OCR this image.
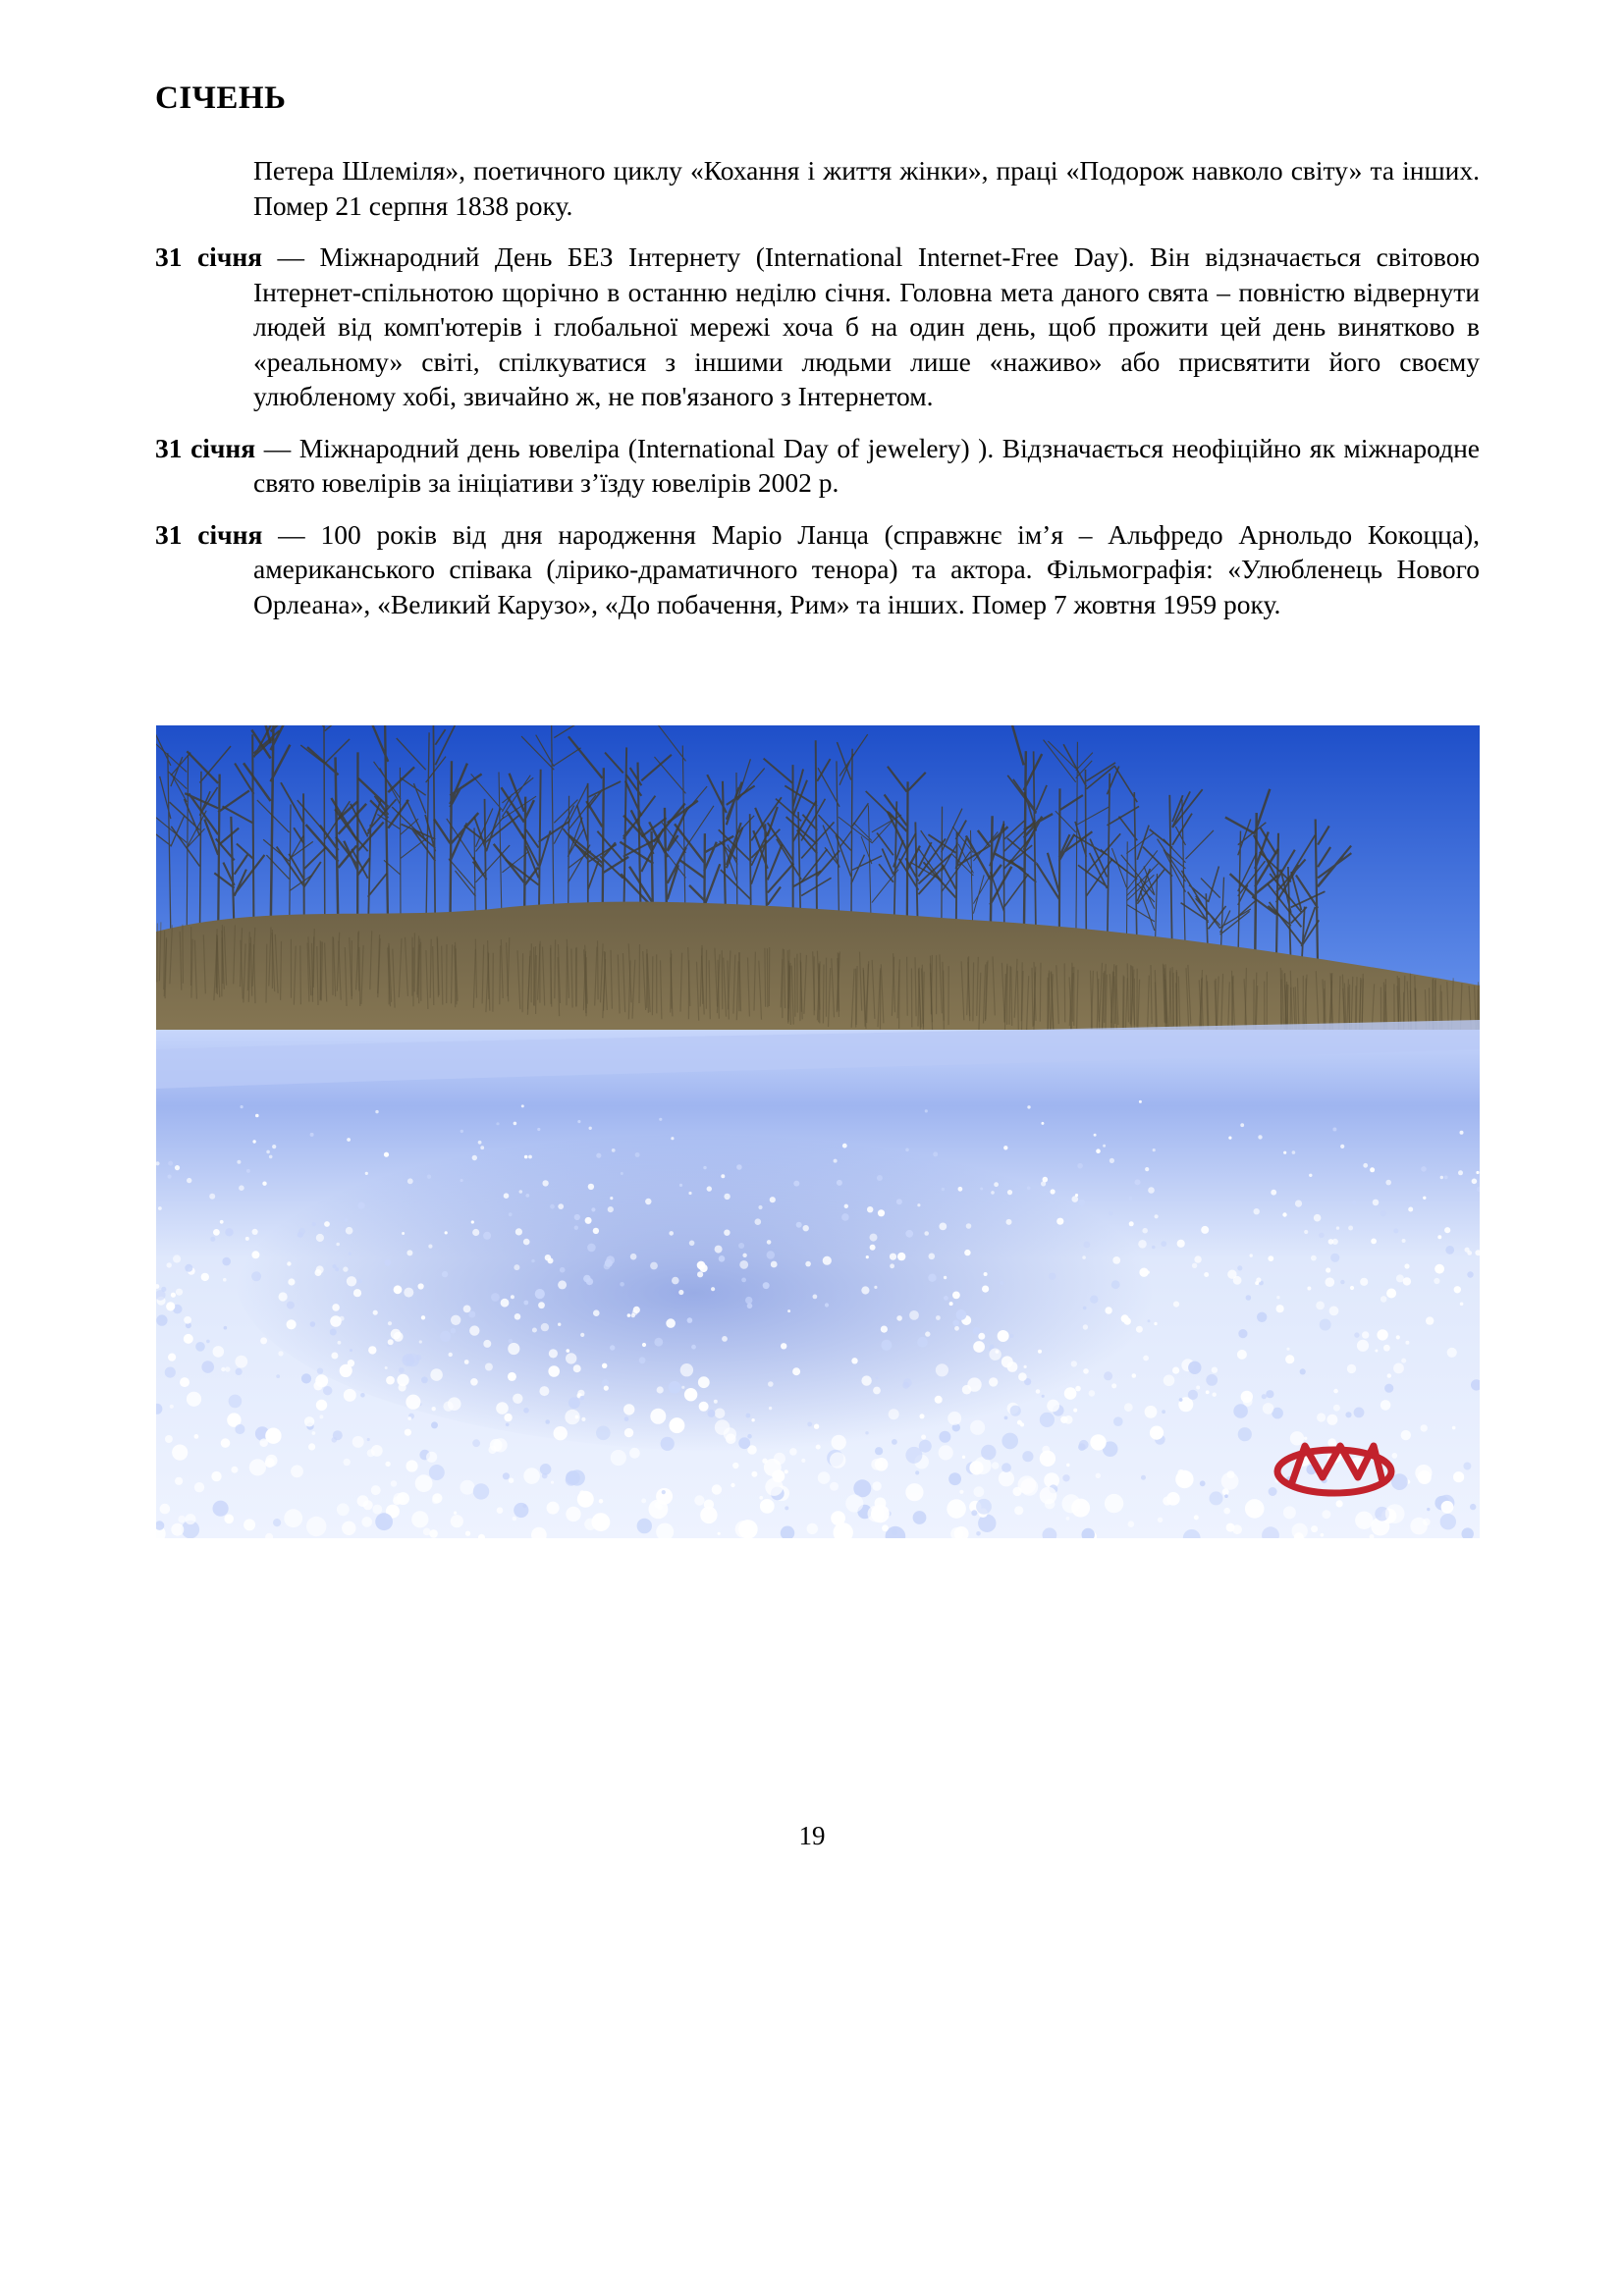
СІЧЕНЬ

Петера Шлеміля», поетичного циклу «Кохання і життя жінки», праці «Подорож навколо світу» та інших. Помер 21 серпня 1838 року.

31 січня — Міжнародний День БЕЗ Інтернету (International Internet-Free Day). Він відзначається світовою Інтернет-спільнотою щорічно в останню неділю січня. Головна мета даного свята – повністю відвернути людей від комп'ютерів і глобальної мережі хоча б на один день, щоб прожити цей день винятково в «реальному» світі, спілкуватися з іншими людьми лише «наживо» або присвятити його своєму улюбленому хобі, звичайно ж, не пов'язаного з Інтернетом.

31 січня — Міжнародний день ювеліра (International Day of jewelery) ). Відзначається неофіційно як міжнародне свято ювелірів за ініціативи з’їзду ювелірів 2002 р.

31 січня — 100 років від дня народження Маріо Ланца (справжнє ім’я – Альфредо Арнольдо Кокоцца), американського співака (лірико-драматичного тенора) та актора. Фільмографія: «Улюбленець Нового Орлеана», «Великий Карузо», «До побачення, Рим» та інших. Помер 7 жовтня 1959 року.

19
